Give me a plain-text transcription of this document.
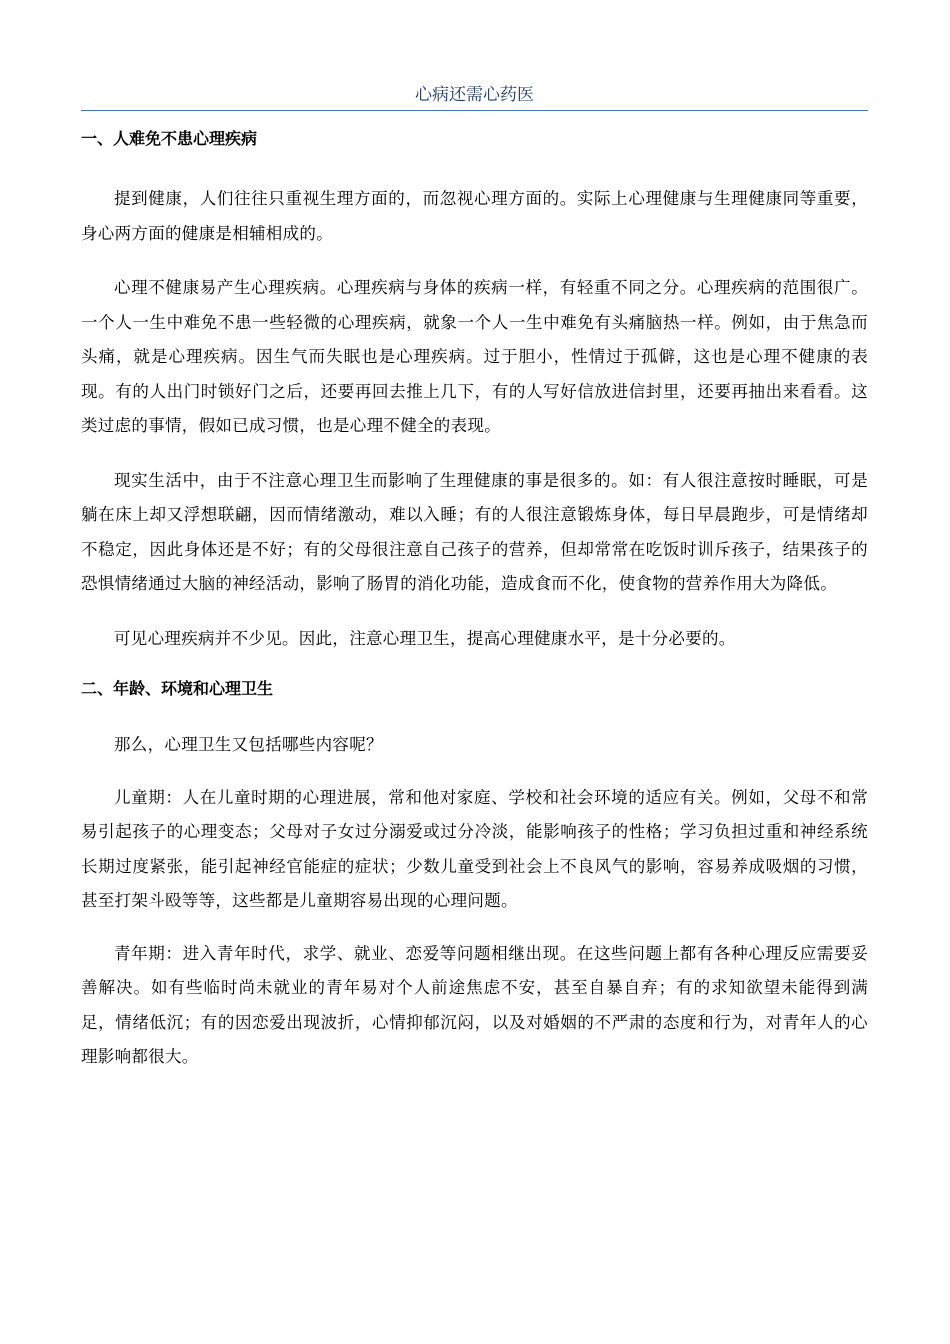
心病还需心药医
一、人难免不患心理疾病

提到健康，人们往往只重视生理方面的，而忽视心理方面的。实际上心理健康与生理健康同等重要，身心两方面的健康是相辅相成的。

心理不健康易产生心理疾病。心理疾病与身体的疾病一样，有轻重不同之分。心理疾病的范围很广。一个人一生中难免不患一些轻微的心理疾病，就象一个人一生中难免有头痛脑热一样。例如，由于焦急而头痛，就是心理疾病。因生气而失眠也是心理疾病。过于胆小，性情过于孤僻，这也是心理不健康的表现。有的人出门时锁好门之后，还要再回去推上几下，有的人写好信放进信封里，还要再抽出来看看。这类过虑的事情，假如已成习惯，也是心理不健全的表现。

现实生活中，由于不注意心理卫生而影响了生理健康的事是很多的。如：有人很注意按时睡眠，可是躺在床上却又浮想联翩，因而情绪激动，难以入睡；有的人很注意锻炼身体，每日早晨跑步，可是情绪却不稳定，因此身体还是不好；有的父母很注意自己孩子的营养，但却常常在吃饭时训斥孩子，结果孩子的恐惧情绪通过大脑的神经活动，影响了肠胃的消化功能，造成食而不化，使食物的营养作用大为降低。

可见心理疾病并不少见。因此，注意心理卫生，提高心理健康水平，是十分必要的。

二、年龄、环境和心理卫生

那么，心理卫生又包括哪些内容呢？

儿童期：人在儿童时期的心理进展，常和他对家庭、学校和社会环境的适应有关。例如，父母不和常易引起孩子的心理变态；父母对子女过分溺爱或过分冷淡，能影响孩子的性格；学习负担过重和神经系统长期过度紧张，能引起神经官能症的症状；少数儿童受到社会上不良风气的影响，容易养成吸烟的习惯，甚至打架斗殴等等，这些都是儿童期容易出现的心理问题。

青年期：进入青年时代，求学、就业、恋爱等问题相继出现。在这些问题上都有各种心理反应需要妥善解决。如有些临时尚未就业的青年易对个人前途焦虑不安，甚至自暴自弃；有的求知欲望未能得到满足，情绪低沉；有的因恋爱出现波折，心情抑郁沉闷，以及对婚姻的不严肃的态度和行为，对青年人的心理影响都很大。
